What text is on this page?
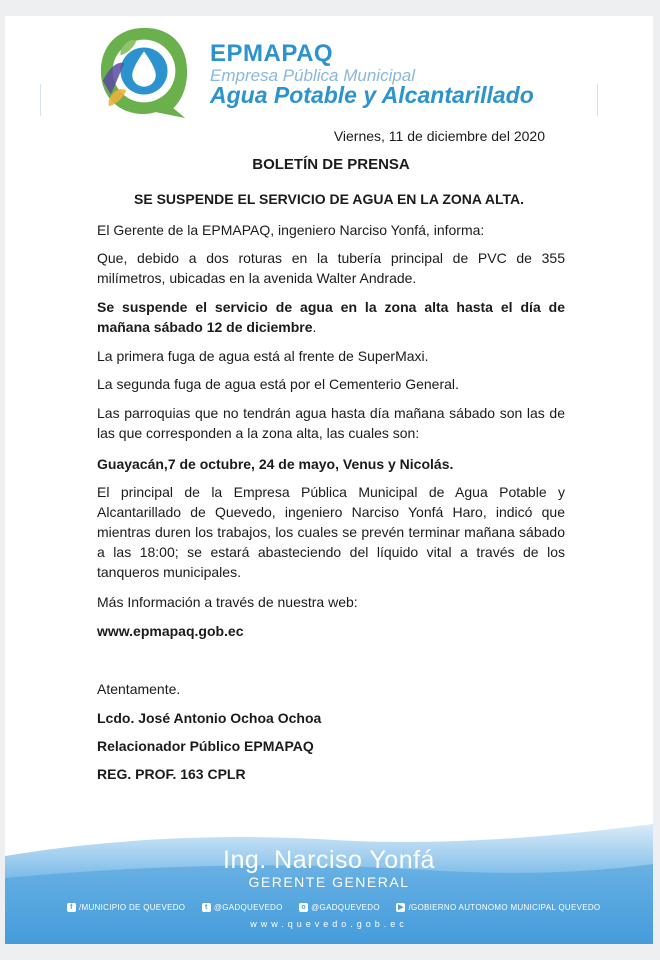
EPMAPAQ
Empresa Pública Municipal
Agua Potable y Alcantarillado
Viernes, 11 de diciembre del 2020
BOLETÍN DE PRENSA
SE SUSPENDE EL SERVICIO DE AGUA EN LA ZONA ALTA.
El Gerente de la EPMAPAQ, ingeniero Narciso Yonfá, informa:
Que, debido a dos roturas en la tubería principal de PVC de 355 milímetros, ubicadas en la avenida Walter Andrade.
Se suspende el servicio de agua en la zona alta hasta el día de mañana sábado 12 de diciembre.
La primera fuga de agua está al frente de SuperMaxi.
La segunda fuga de agua está por el Cementerio General.
Las parroquias que no tendrán agua hasta día mañana sábado son las de las que corresponden a la zona alta, las cuales son:
Guayacán,7 de octubre, 24 de mayo, Venus y Nicolás.
El principal de la Empresa Pública Municipal de Agua Potable y Alcantarillado de Quevedo, ingeniero Narciso Yonfá Haro, indicó que mientras duren los trabajos, los cuales se prevén terminar mañana sábado a las 18:00; se estará abasteciendo del líquido vital a través de los tanqueros municipales.
Más Información a través de nuestra web:
www.epmapaq.gob.ec
Atentamente.
Lcdo. José Antonio Ochoa Ochoa
Relacionador Público EPMAPAQ
REG. PROF. 163 CPLR
Ing. Narciso Yonfá
GERENTE GENERAL
f /MUNICIPIO DE QUEVEDO	t @GADQUEVEDO	o @GADQUEVEDO	▶ /GOBIERNO AUTONOMO MUNICIPAL QUEVEDO
www.quevedo.gob.ec
